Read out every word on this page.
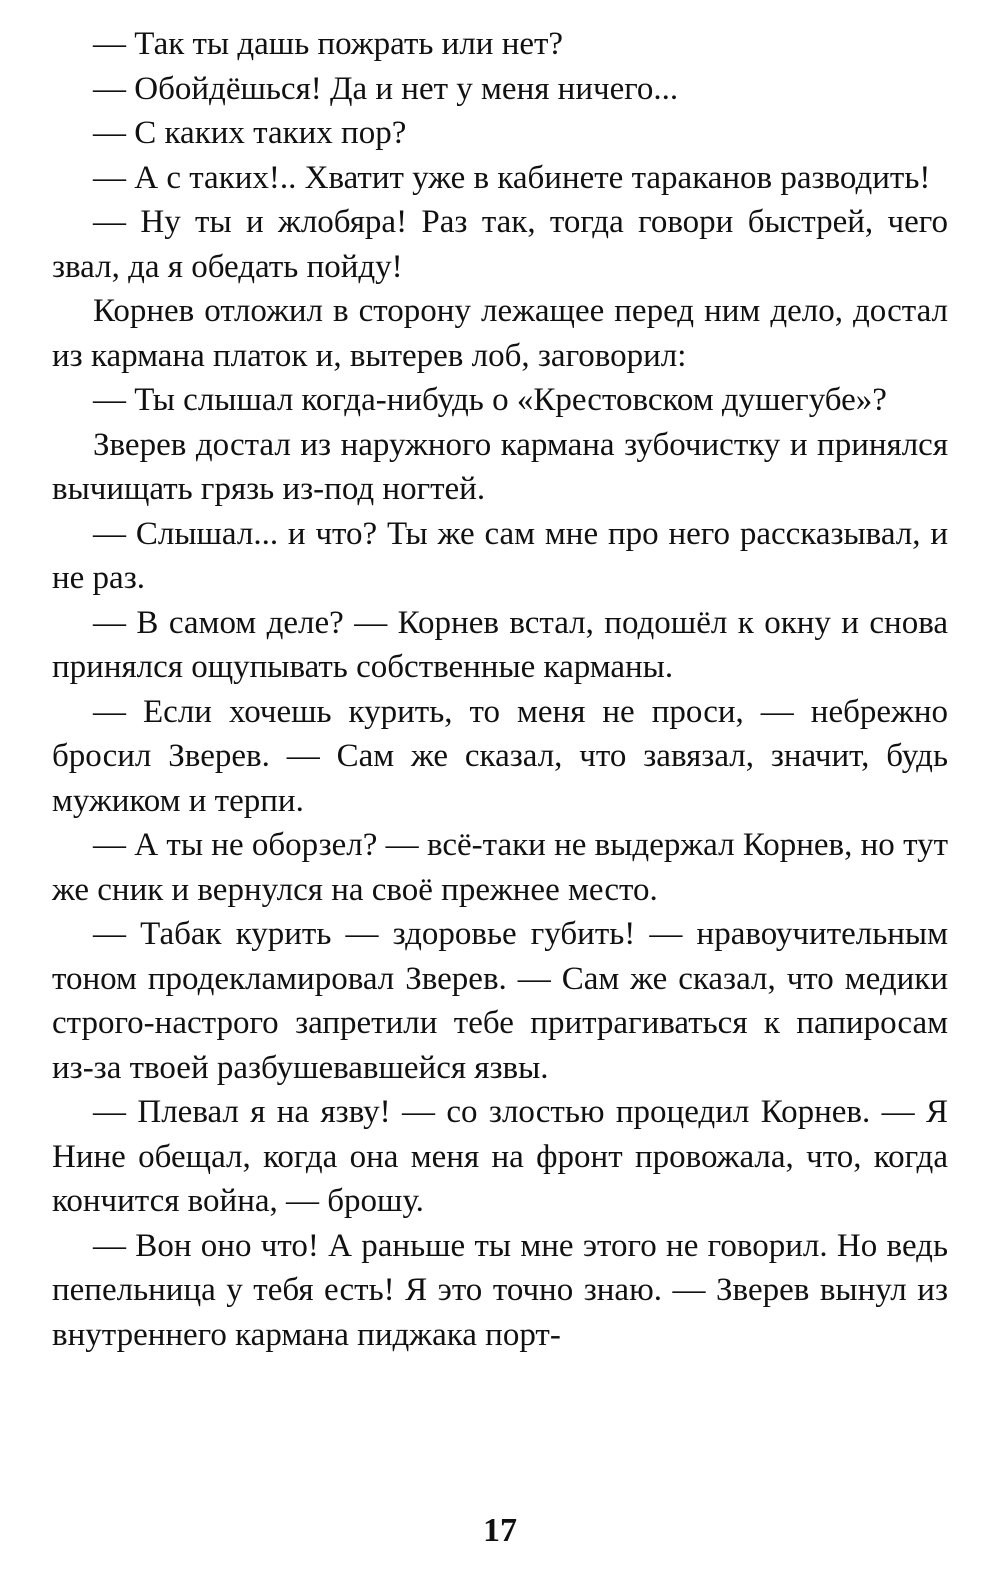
— Так ты дашь пожрать или нет?

— Обойдёшься! Да и нет у меня ничего...

— С каких таких пор?

— А с таких!.. Хватит уже в кабинете тараканов разводить!

— Ну ты и жлобяра! Раз так, тогда говори быстрей, чего звал, да я обедать пойду!

Корнев отложил в сторону лежащее перед ним дело, достал из кармана платок и, вытерев лоб, заговорил:

— Ты слышал когда-нибудь о «Крестовском душегубе»?

Зверев достал из наружного кармана зубочистку и принялся вычищать грязь из-под ногтей.

— Слышал... и что? Ты же сам мне про него рассказывал, и не раз.

— В самом деле? — Корнев встал, подошёл к окну и снова принялся ощупывать собственные карманы.

— Если хочешь курить, то меня не проси, — небрежно бросил Зверев. — Сам же сказал, что завязал, значит, будь мужиком и терпи.

— А ты не оборзел? — всё-таки не выдержал Корнев, но тут же сник и вернулся на своё прежнее место.

— Табак курить — здоровье губить! — нравоучительным тоном продекламировал Зверев. — Сам же сказал, что медики строго-настрого запретили тебе притрагиваться к папиросам из-за твоей разбушевавшейся язвы.

— Плевал я на язву! — со злостью процедил Корнев. — Я Нине обещал, когда она меня на фронт провожала, что, когда кончится война, — брошу.

— Вон оно что! А раньше ты мне этого не говорил. Но ведь пепельница у тебя есть! Я это точно знаю. — Зверев вынул из внутреннего кармана пиджака порт-

17
